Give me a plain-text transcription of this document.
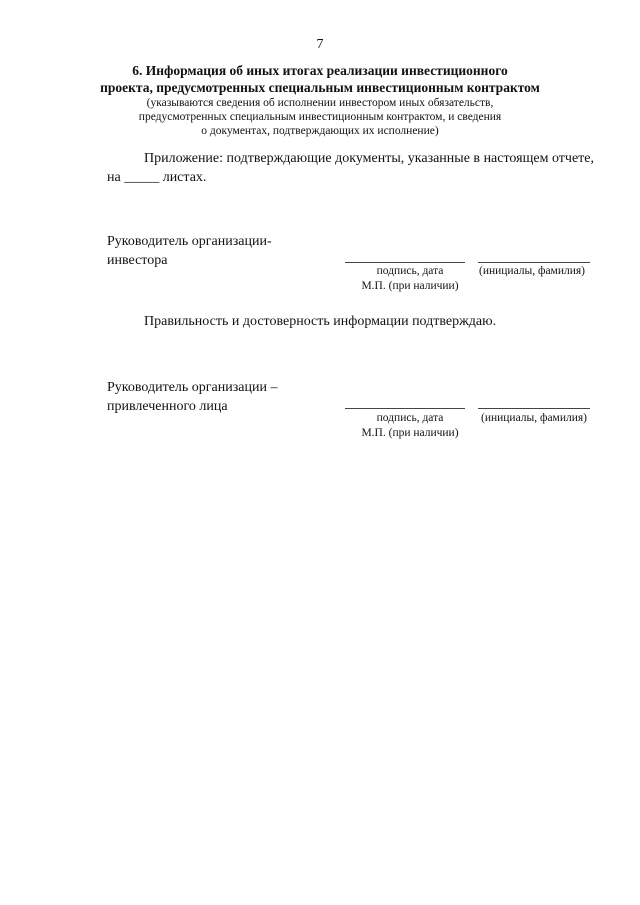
7
6. Информация об иных итогах реализации инвестиционного
проекта, предусмотренных специальным инвестиционным контрактом
(указываются сведения об исполнении инвестором иных обязательств,
предусмотренных специальным инвестиционным контрактом, и сведения
о документах, подтверждающих их исполнение)
Приложение: подтверждающие документы, указанные в настоящем отчете, на _____ листах.
Руководитель организации-
инвестора
подпись, дата	(инициалы, фамилия)
М.П. (при наличии)
Правильность и достоверность информации подтверждаю.
Руководитель организации –
привлеченного лица
подпись, дата	(инициалы, фамилия)
М.П. (при наличии)
